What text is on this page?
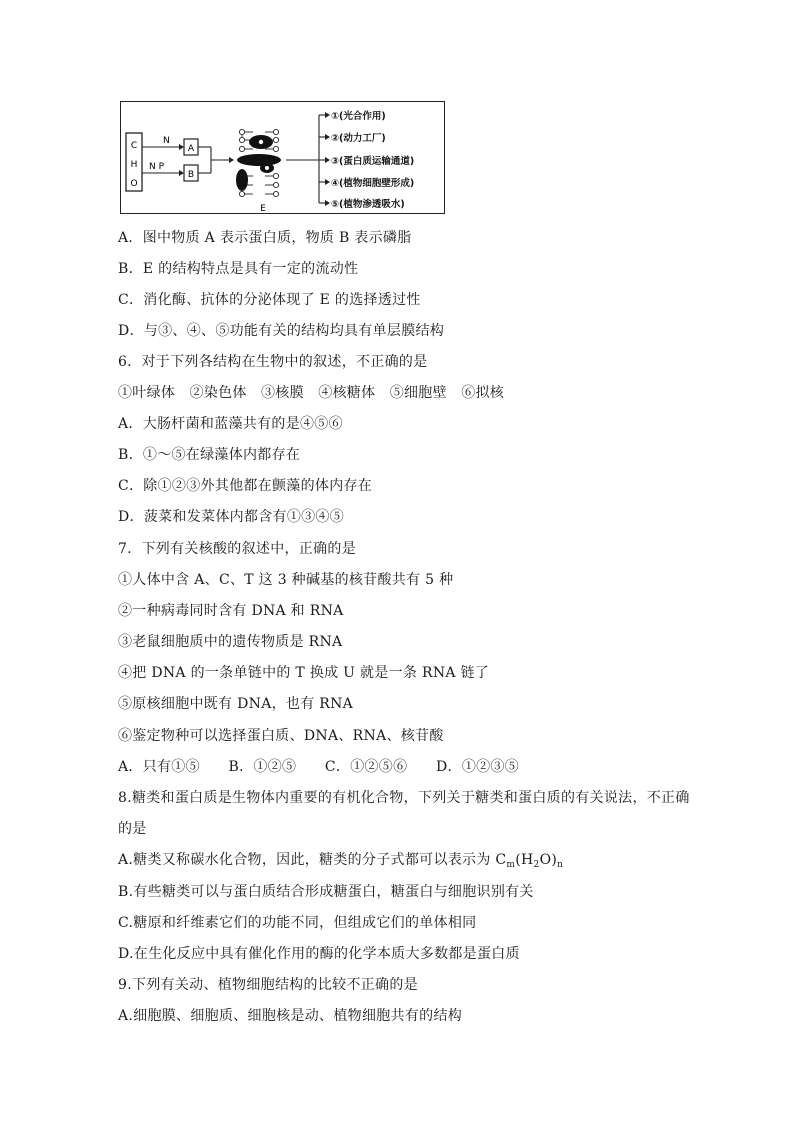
C
H
O
N
N P
A
B
E
①(光合作用)
②(动力工厂)
③(蛋白质运输通道)
④(植物细胞壁形成)
⑤(植物渗透吸水)
A．图中物质 A 表示蛋白质，物质 B 表示磷脂
B．E 的结构特点是具有一定的流动性
C．消化酶、抗体的分泌体现了 E 的选择透过性
D．与③、④、⑤功能有关的结构均具有单层膜结构
6．对于下列各结构在生物中的叙述，不正确的是
①叶绿体　②染色体　③核膜　④核糖体　⑤细胞壁　⑥拟核
A．大肠杆菌和蓝藻共有的是④⑤⑥
B．①～⑤在绿藻体内都存在
C．除①②③外其他都在颤藻的体内存在
D．菠菜和发菜体内都含有①③④⑤
7．下列有关核酸的叙述中，正确的是
①人体中含 A、C、T 这 3 种碱基的核苷酸共有 5 种
②一种病毒同时含有 DNA 和 RNA
③老鼠细胞质中的遗传物质是 RNA
④把 DNA 的一条单链中的 T 换成 U 就是一条 RNA 链了
⑤原核细胞中既有 DNA，也有 RNA
⑥鉴定物种可以选择蛋白质、DNA、RNA、核苷酸
A．只有①⑤　　B．①②⑤　　C．①②⑤⑥　　D．①②③⑤
8.糖类和蛋白质是生物体内重要的有机化合物，下列关于糖类和蛋白质的有关说法，不正确
的是
A.糖类又称碳水化合物，因此，糖类的分子式都可以表示为 $C_m(H_2O)_n$
B.有些糖类可以与蛋白质结合形成糖蛋白，糖蛋白与细胞识别有关
C.糖原和纤维素它们的功能不同，但组成它们的单体相同
D.在生化反应中具有催化作用的酶的化学本质大多数都是蛋白质
9.下列有关动、植物细胞结构的比较不正确的是
A.细胞膜、细胞质、细胞核是动、植物细胞共有的结构
